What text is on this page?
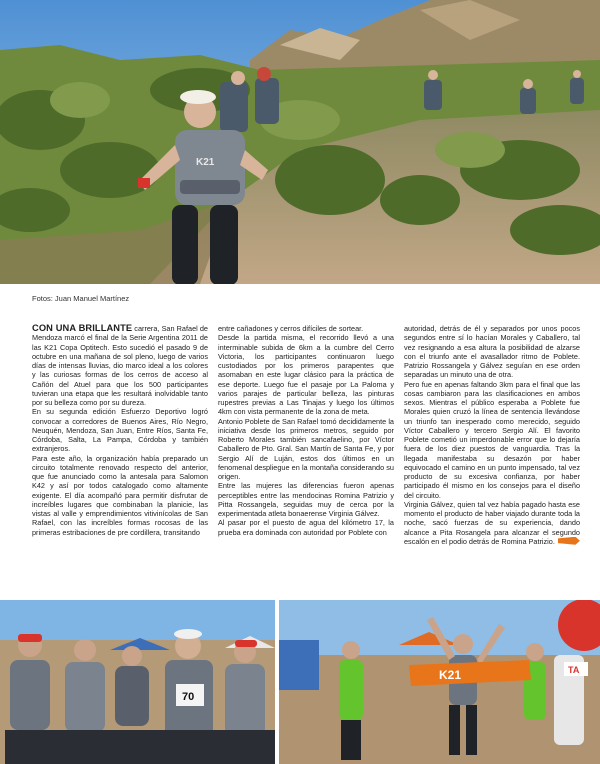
K21
Fotos: Juan Manuel Martínez

CON UNA BRILLANTE carrera, San Rafael de Mendoza marcó el final de la Serie Argentina 2011 de las K21 Copa Optitech. Esto sucedió el pasado 9 de octubre en una mañana de sol pleno, luego de varios días de intensas lluvias, dio marco ideal a los colores y las curiosas formas de los cerros de acceso al Cañón del Atuel para que los 500 participantes tuvieran una etapa que les resultará inolvidable tanto por su belleza como por su dureza.

En su segunda edición Esfuerzo Deportivo logró convocar a corredores de Buenos Aires, Río Negro, Neuquén, Mendoza, San Juan, Entre Ríos, Santa Fe, Córdoba, Salta, La Pampa, Córdoba y también extranjeros.

Para este año, la organización había preparado un circuito totalmente renovado respecto del anterior, que fue anunciado como la antesala para Salomon K42 y así por todos catalogado como altamente exigente. El día acompañó para permitir disfrutar de increíbles lugares que combinaban la planicie, las vistas al valle y emprendimientos vitivinícolas de San Rafael, con las increíbles formas rocosas de las primeras estribaciones de pre cordillera, transitando

entre cañadones y cerros difíciles de sortear.

Desde la partida misma, el recorrido llevó a una interminable subida de 6km a la cumbre del Cerro Victoria, los participantes continuaron luego custodiados por los primeros parapentes que asomaban en este lugar clásico para la práctica de ese deporte. Luego fue el pasaje por La Paloma y varios parajes de particular belleza, las pinturas rupestres previas a Las Tinajas y luego los últimos 4km con vista permanente de la zona de meta.

Antonio Poblete de San Rafael tomó decididamente la iniciativa desde los primeros metros, seguido por Roberto Morales también sancafaelino, por Víctor Caballero de Pto. Gral. San Martín de Santa Fe, y por Sergio Alí de Luján, estos dos últimos en un fenomenal despliegue en la montaña considerando su origen.

Entre las mujeres las diferencias fueron apenas perceptibles entre las mendocinas Romina Patrizio y Pitta Rossangela, seguidas muy de cerca por la experimentada atleta bonaerense Virginia Gálvez.

Al pasar por el puesto de agua del kilómetro 17, la prueba era dominada con autoridad por Poblete con

autoridad, detrás de él y separados por unos pocos segundos entre sí lo hacían Morales y Caballero, tal vez resignando a esa altura la posibilidad de alzarse con el triunfo ante el avasallador ritmo de Poblete. Patrizio Rossangela y Gálvez seguían en ese orden separadas un minuto una de otra.

Pero fue en apenas faltando 3km para el final que las cosas cambiaron para las clasificaciones en ambos sexos. Mientras el público esperaba a Poblete fue Morales quien cruzó la línea de sentencia llevándose un triunfo tan inesperado como merecido, seguido Víctor Caballero y tercero Sergio Alí. El favorito Poblete cometió un imperdonable error que lo dejaría fuera de los diez puestos de vanguardia. Tras la llegada manifestaba su desazón por haber equivocado el camino en un punto impensado, tal vez producto de su excesiva confianza, por haber participado él mismo en los consejos para el diseño del circuito.

Virginia Gálvez, quien tal vez había pagado hasta ese momento el producto de haber viajado durante toda la noche, sacó fuerzas de su experiencia, dando alcance a Pita Rosangela para alcanzar el segundo escalón en el podio detrás de Romina Patrizio.

70
K21	TA
